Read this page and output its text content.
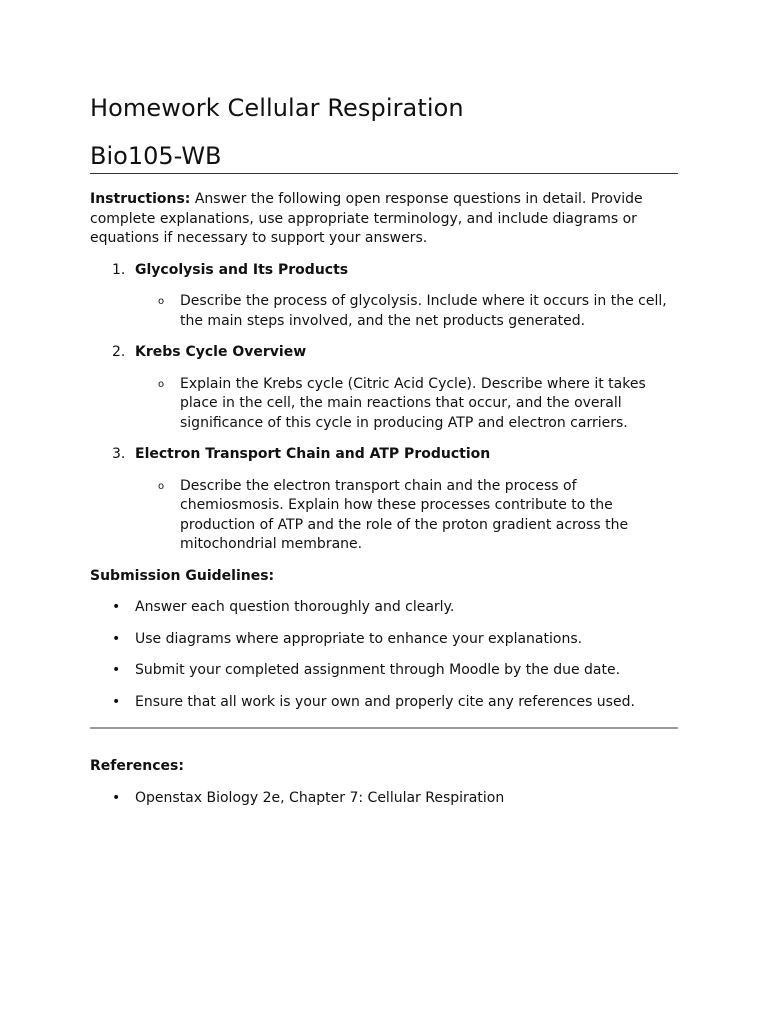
Homework Cellular Respiration
Bio105-WB

Instructions: Answer the following open response questions in detail. Provide complete explanations, use appropriate terminology, and include diagrams or equations if necessary to support your answers.

1. Glycolysis and Its Products
o Describe the process of glycolysis. Include where it occurs in the cell, the main steps involved, and the net products generated.
2. Krebs Cycle Overview
o Explain the Krebs cycle (Citric Acid Cycle). Describe where it takes place in the cell, the main reactions that occur, and the overall significance of this cycle in producing ATP and electron carriers.
3. Electron Transport Chain and ATP Production
o Describe the electron transport chain and the process of chemiosmosis. Explain how these processes contribute to the production of ATP and the role of the proton gradient across the mitochondrial membrane.

Submission Guidelines:

• Answer each question thoroughly and clearly.
• Use diagrams where appropriate to enhance your explanations.
• Submit your completed assignment through Moodle by the due date.
• Ensure that all work is your own and properly cite any references used.

References:

• Openstax Biology 2e, Chapter 7: Cellular Respiration
